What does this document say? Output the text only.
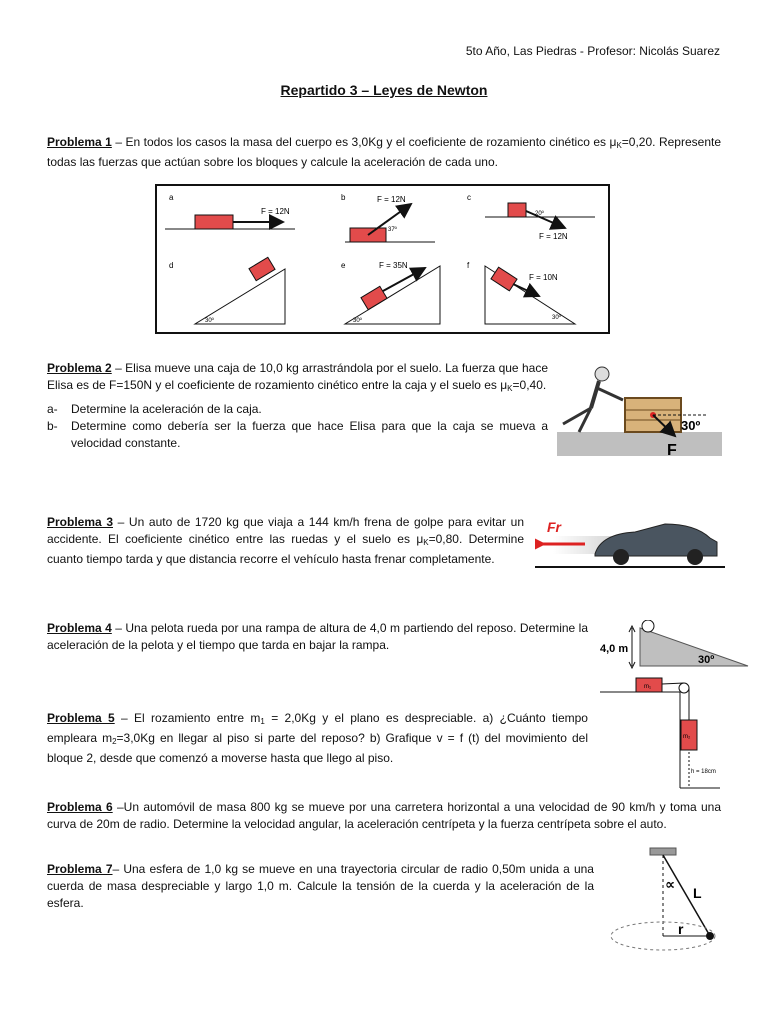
5to Año, Las Piedras - Profesor: Nicolás Suarez
Repartido 3 – Leyes de Newton
Problema 1 – En todos los casos la masa del cuerpo es 3,0Kg y el coeficiente de rozamiento cinético es $\mu_K=0,20$. Represente todas las fuerzas que actúan sobre los bloques y calcule la aceleración de cada uno.
a
F = 12N
b	F = 12N
37º
c
20º
F = 12N
d
30º
e	F = 35N
30º
f
F = 10N
30º
Problema 2 – Elisa mueve una caja de 10,0 kg arrastrándola por el suelo. La fuerza que hace Elisa es de F=150N y el coeficiente de rozamiento cinético entre la caja y el suelo es $\mu_K=0,40$.
a-	Determine la aceleración de la caja.
b-	Determine como debería ser la fuerza que hace Elisa para que la caja se mueva a velocidad constante.
30º
F
Problema 3 – Un auto de 1720 kg que viaja a 144 km/h frena de golpe para evitar un accidente. El coeficiente cinético entre las ruedas y el suelo es $\mu_K=0,80$. Determine cuanto tiempo tarda y que distancia recorre el vehículo hasta frenar completamente.
Fr
Problema 4 – Una pelota rueda por una rampa de altura de 4,0 m partiendo del reposo. Determine la aceleración de la pelota y el tiempo que tarda en bajar la rampa.	4,0 m
30º
Problema 5 – El rozamiento entre $m_1 = 2,0Kg$ y el plano es despreciable. a) ¿Cuánto tiempo empleara $m_2=3,0Kg$ en llegar al piso si parte del reposo? b) Grafique v = f (t) del movimiento del bloque 2, desde que comenzó a moverse hasta que llego al piso.
m₁
m₂
h = 18cm
Problema 6 –Un automóvil de masa 800 kg se mueve por una carretera horizontal a una velocidad de 90 km/h y toma una curva de 20m de radio. Determine la velocidad angular, la aceleración centrípeta y la fuerza centrípeta sobre el auto.
Problema 7– Una esfera de 1,0 kg se mueve en una trayectoria circular de radio 0,50m unida a una cuerda de masa despreciable y largo 1,0 m. Calcule la tensión de la cuerda y la aceleración de la esfera.
∝
L
r
